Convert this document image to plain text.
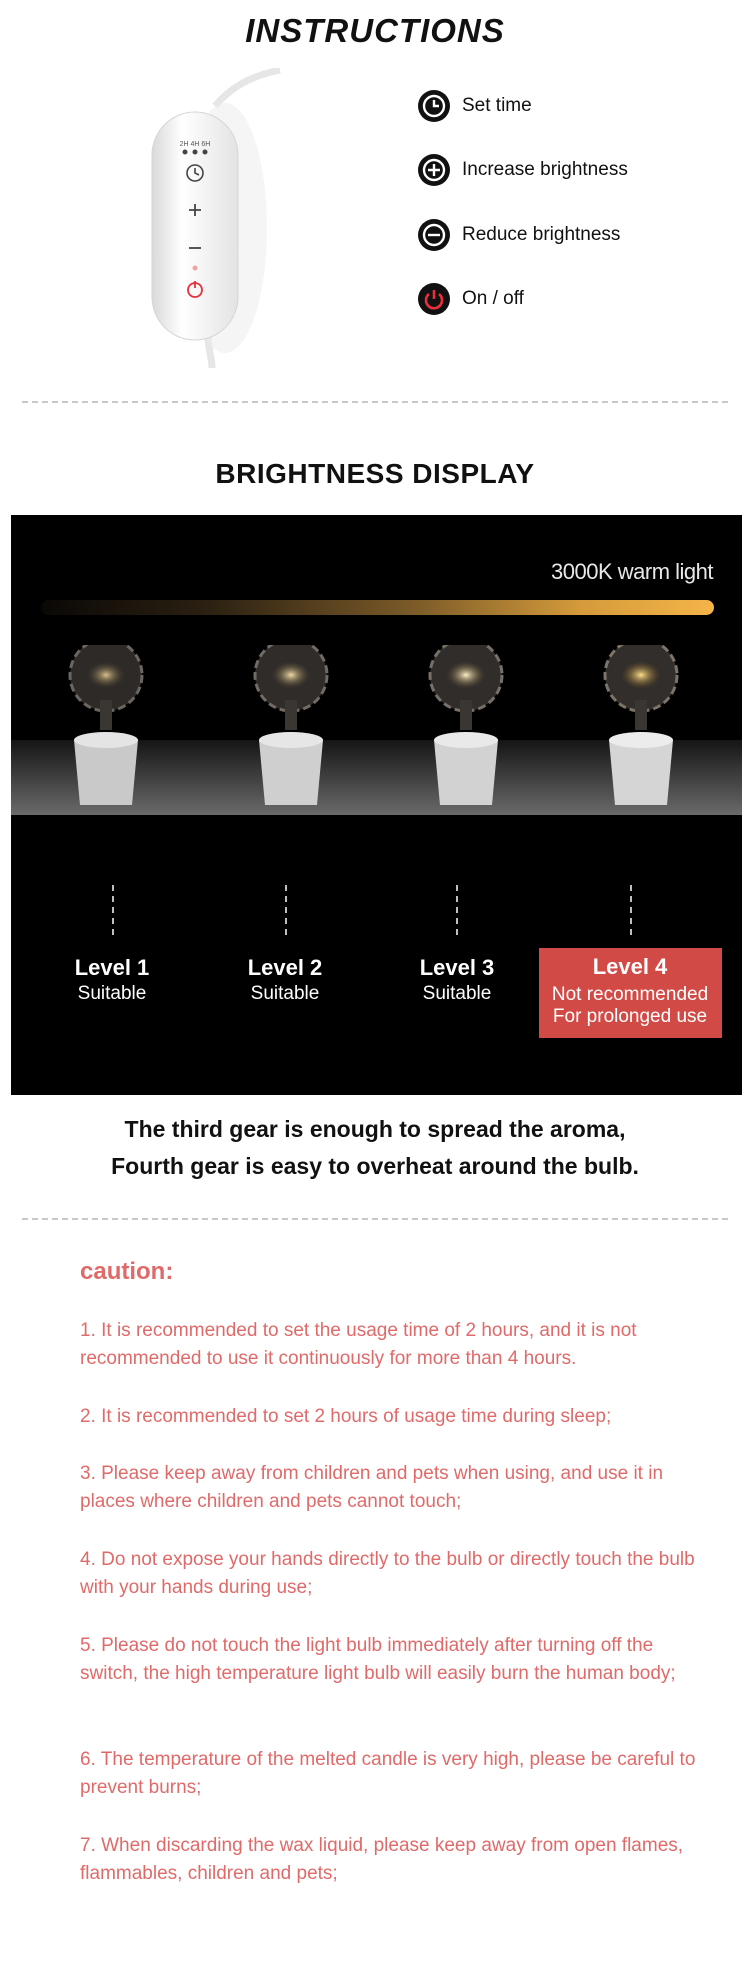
INSTRUCTIONS
2H 4H 6H
Set time
Increase brightness
Reduce brightness
On / off
BRIGHTNESS DISPLAY
3000K warm light
Level 1
Suitable
Level 2
Suitable
Level 3
Suitable
Level 4
Not recommended
For prolonged use
The third gear is enough to spread the aroma,
Fourth gear is easy to overheat around the bulb.
caution:
1. It is recommended to set the usage time of 2 hours, and it is not recommended to use it continuously for more than 4 hours.
2. It is recommended to set 2 hours of usage time during sleep;
3. Please keep away from children and pets when using, and use it in places where children and pets cannot touch;
4. Do not expose your hands directly to the bulb or directly touch the bulb with your hands during use;
5. Please do not touch the light bulb immediately after turning off the switch, the high temperature light bulb will easily burn the human body;
6. The temperature of the melted candle is very high, please be careful to prevent burns;
7. When discarding the wax liquid, please keep away from open flames, flammables, children and pets;
